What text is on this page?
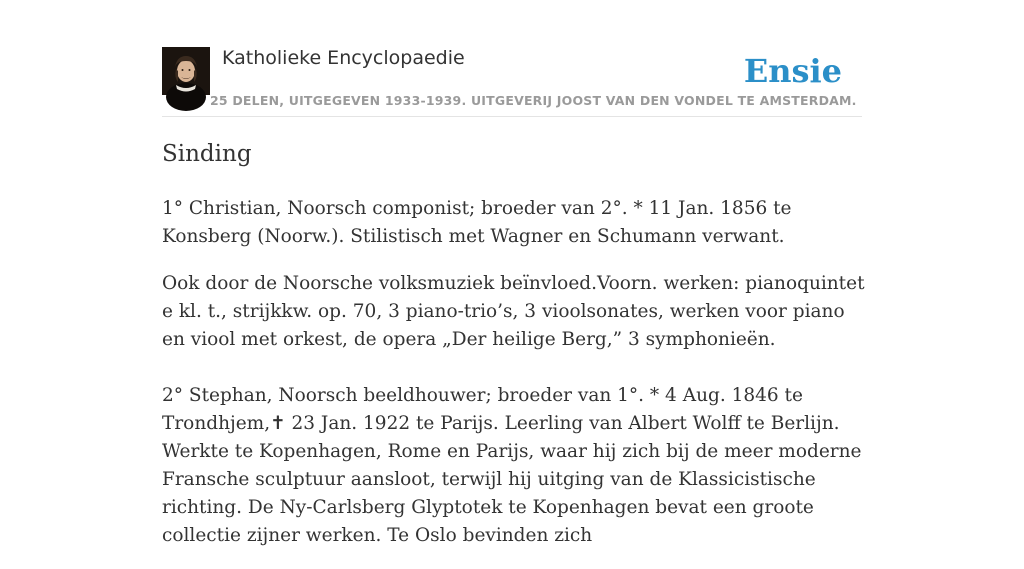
Katholieke Encyclopaedie
25 DELEN, UITGEGEVEN 1933-1939. UITGEVERIJ JOOST VAN DEN VONDEL TE AMSTERDAM.
Ensie
Sinding

1° Christian, Noorsch componist; broeder van 2°. * 11 Jan. 1856 te Konsberg (Noorw.). Stilistisch met Wagner en Schumann verwant.

Ook door de Noorsche volksmuziek beïnvloed.Voorn. werken: pianoquintet e kl. t., strijkkw. op. 70, 3 piano-trio’s, 3 vioolsonates, werken voor piano en viool met orkest, de opera „Der heilige Berg,” 3 symphonieën.

2° Stephan, Noorsch beeldhouwer; broeder van 1°. * 4 Aug. 1846 te Trondhjem,✝ 23 Jan. 1922 te Parijs. Leerling van Albert Wolff te Berlijn. Werkte te Kopenhagen, Rome en Parijs, waar hij zich bij de meer moderne Fransche sculptuur aansloot, terwijl hij uitging van de Klassicistische richting. De Ny-Carlsberg Glyptotek te Kopenhagen bevat een groote collectie zijner werken. Te Oslo bevinden zich
